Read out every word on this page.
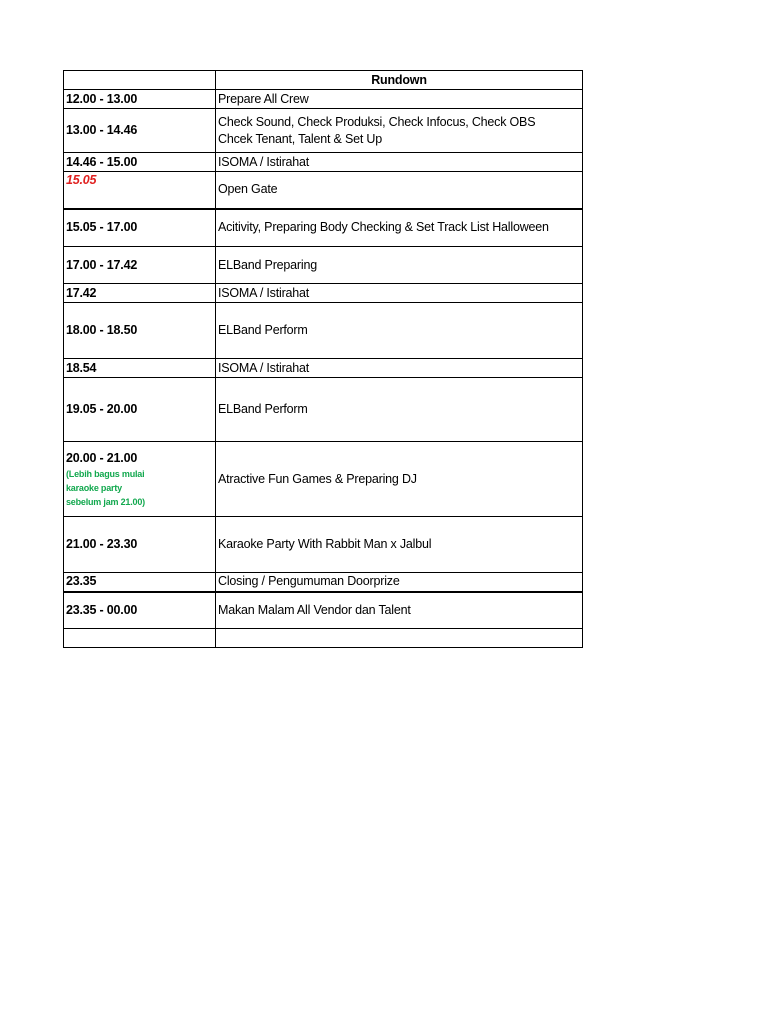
	Rundown
12.00 - 13.00	Prepare All Crew
13.00 - 14.46	Check Sound, Check Produksi, Check Infocus, Check OBS
Chcek Tenant, Talent & Set Up

14.46 - 15.00	ISOMA / Istirahat
15.05	Open Gate
15.05 - 17.00	Acitivity, Preparing Body Checking & Set Track List Halloween
17.00 - 17.42	ELBand Preparing
17.42	ISOMA / Istirahat
18.00 - 18.50	ELBand Perform
18.54	ISOMA / Istirahat
19.05 - 20.00	ELBand Perform

20.00 - 21.00
(Lebih bagus mulai
karaoke party
sebelum jam 21.00)	Atractive Fun Games & Preparing DJ
21.00 - 23.30	Karaoke Party With Rabbit Man x Jalbul
23.35	Closing / Pengumuman Doorprize
23.35 - 00.00	Makan Malam All Vendor dan Talent
